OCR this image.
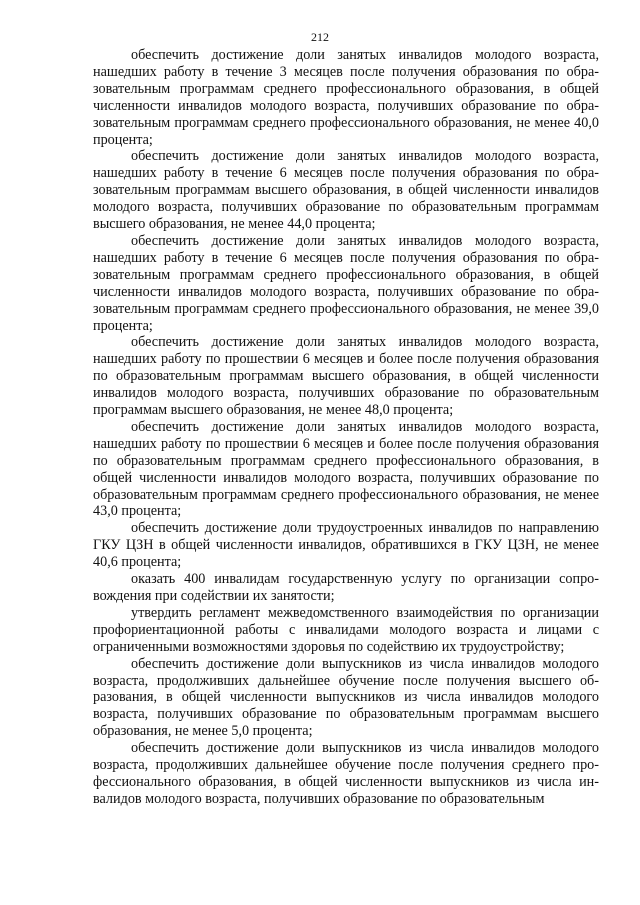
212

обеспечить достижение доли занятых инвалидов молодого возраста, нашедших работу в течение 3 месяцев после получения образования по образовательным программам среднего профессионального образования, в общей численности инвалидов молодого возраста, получивших образование по образовательным программам среднего профессионального образования, не менее 40,0 процента;

обеспечить достижение доли занятых инвалидов молодого возраста, нашедших работу в течение 6 месяцев после получения образования по образовательным программам высшего образования, в общей численности инвалидов молодого возраста, получивших образование по образовательным программам высшего образования, не менее 44,0 процента;

обеспечить достижение доли занятых инвалидов молодого возраста, нашедших работу в течение 6 месяцев после получения образования по образовательным программам среднего профессионального образования, в общей численности инвалидов молодого возраста, получивших образование по образовательным программам среднего профессионального образования, не менее 39,0 процента;

обеспечить достижение доли занятых инвалидов молодого возраста, нашедших работу по прошествии 6 месяцев и более после получения образования по образовательным программам высшего образования, в общей численности инвалидов молодого возраста, получивших образование по образовательным программам высшего образования, не менее 48,0 процента;

обеспечить достижение доли занятых инвалидов молодого возраста, нашедших работу по прошествии 6 месяцев и более после получения образования по образовательным программам среднего профессионального образования, в общей численности инвалидов молодого возраста, получивших образование по образовательным программам среднего профессионального образования, не менее 43,0 процента;

обеспечить достижение доли трудоустроенных инвалидов по направлению ГКУ ЦЗН в общей численности инвалидов, обратившихся в ГКУ ЦЗН, не менее 40,6 процента;

оказать 400 инвалидам государственную услугу по организации сопровождения при содействии их занятости;

утвердить регламент межведомственного взаимодействия по организации профориентационной работы с инвалидами молодого возраста и лицами с ограниченными возможностями здоровья по содействию их трудоустройству;

обеспечить достижение доли выпускников из числа инвалидов молодого возраста, продолживших дальнейшее обучение после получения высшего образования, в общей численности выпускников из числа инвалидов молодого возраста, получивших образование по образовательным программам высшего образования, не менее 5,0 процента;

обеспечить достижение доли выпускников из числа инвалидов молодого возраста, продолживших дальнейшее обучение после получения среднего профессионального образования, в общей численности выпускников из числа инвалидов молодого возраста, получивших образование по образовательным
